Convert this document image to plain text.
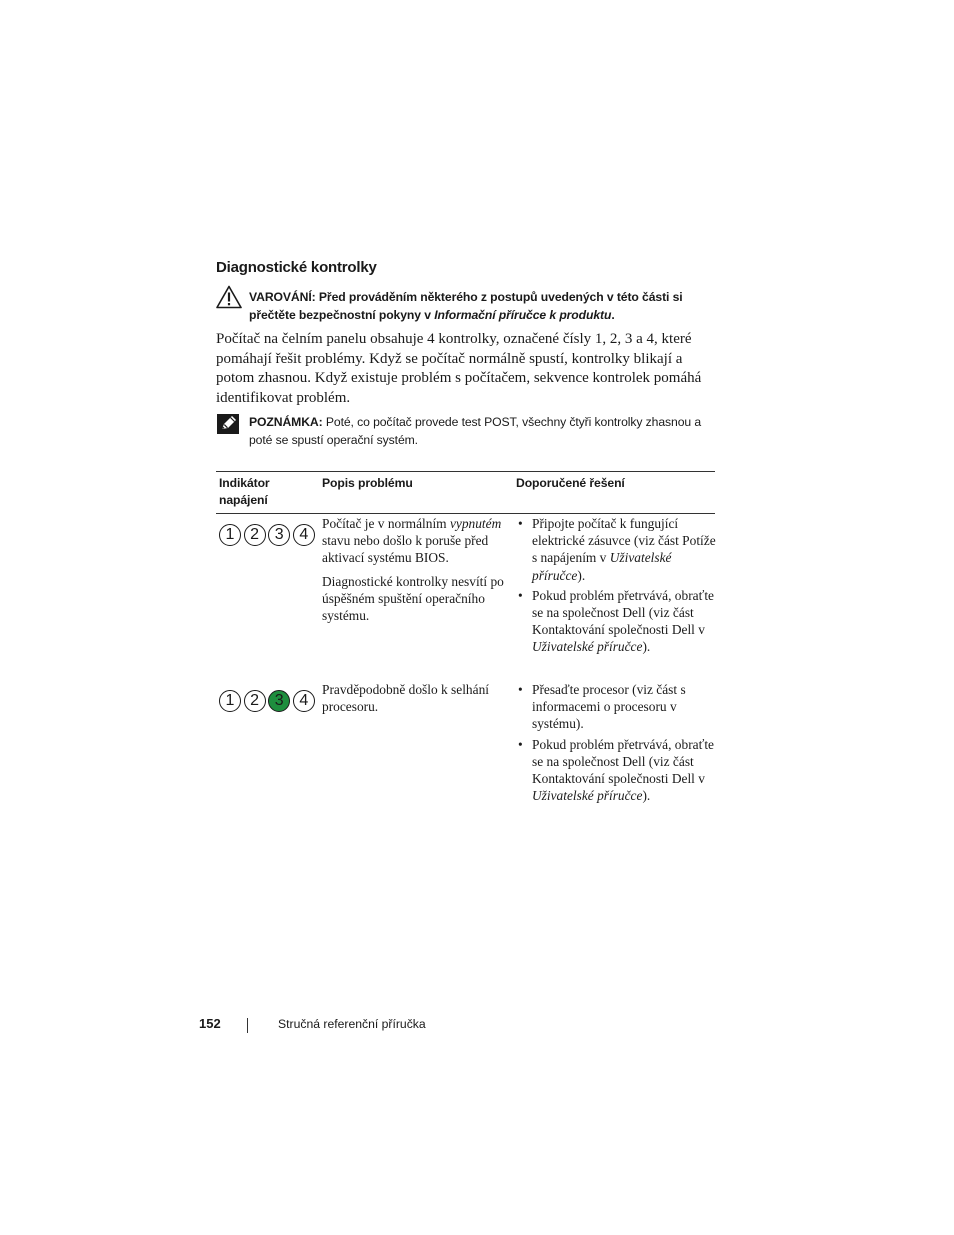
Diagnostické kontrolky
VAROVÁNÍ: Před prováděním některého z postupů uvedených v této části si přečtěte bezpečnostní pokyny v Informační příručce k produktu.
Počítač na čelním panelu obsahuje 4 kontrolky, označené čísly 1, 2, 3 a 4, které pomáhají řešit problémy. Když se počítač normálně spustí, kontrolky blikají a potom zhasnou. Když existuje problém s počítačem, sekvence kontrolek pomáhá identifikovat problém.
POZNÁMKA: Poté, co počítač provede test POST, všechny čtyři kontrolky zhasnou a poté se spustí operační systém.
Indikátor
napájení
Popis problému	Doporučené řešení
1 2 3 4

Počítač je v normálním vypnutém stavu nebo došlo k poruše před aktivací systému BIOS.

Diagnostické kontrolky nesvítí po úspěšném spuštění operačního systému.

• Připojte počítač k fungující elektrické zásuvce (viz část Potíže s napájením v Uživatelské příručce).
• Pokud problém přetrvává, obraťte se na společnost Dell (viz část Kontaktování společnosti Dell v Uživatelské příručce).
1 2 3 4

Pravděpodobně došlo k selhání procesoru.

• Přesaďte procesor (viz část s informacemi o procesoru v systému).
• Pokud problém přetrvává, obraťte se na společnost Dell (viz část Kontaktování společnosti Dell v Uživatelské příručce).
152	Stručná referenční příručka
